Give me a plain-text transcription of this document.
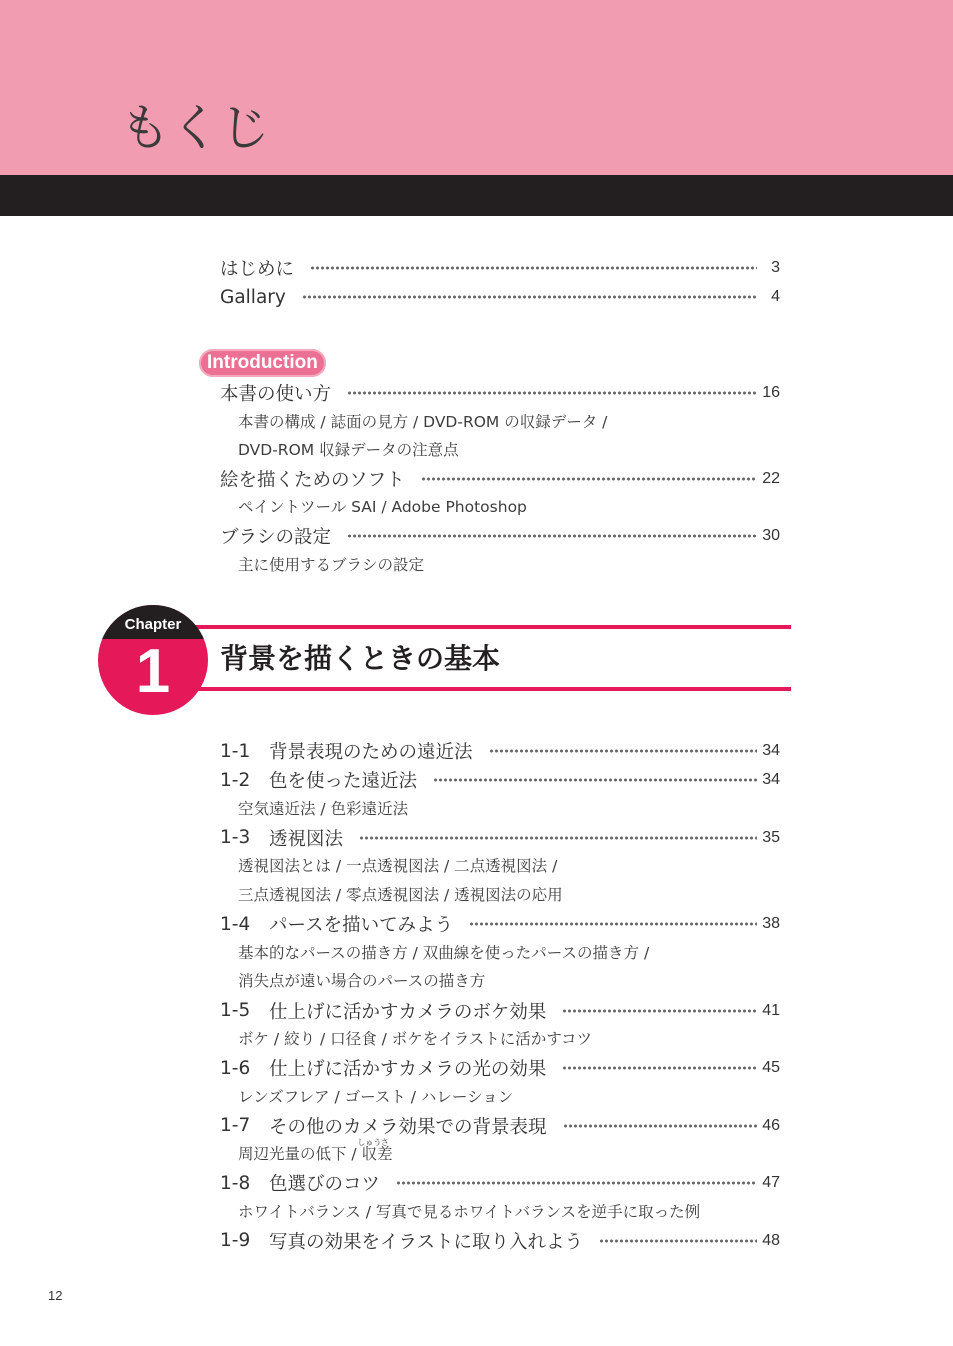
もくじ
はじめに	3
Gallary	4
Introduction
本書の使い方	16
本書の構成 / 誌面の見方 / DVD-ROM の収録データ /
DVD-ROM 収録データの注意点
絵を描くためのソフト	22
ペイントツール SAI / Adobe Photoshop
ブラシの設定	30
主に使用するブラシの設定
Chapter
1	背景を描くときの基本
1-1	背景表現のための遠近法	34
1-2	色を使った遠近法	34
空気遠近法 / 色彩遠近法
1-3	透視図法	35
透視図法とは / 一点透視図法 / 二点透視図法 /
三点透視図法 / 零点透視図法 / 透視図法の応用
1-4	パースを描いてみよう	38
基本的なパースの描き方 / 双曲線を使ったパースの描き方 /
消失点が遠い場合のパースの描き方
1-5	仕上げに活かすカメラのボケ効果	41
ボケ / 絞り / 口径食 / ボケをイラストに活かすコツ
1-6	仕上げに活かすカメラの光の効果	45
レンズフレア / ゴースト / ハレーション
1-7	その他のカメラ効果での背景表現	46
周辺光量の低下 / 収
しゅう
差
さ
1-8	色選びのコツ	47
ホワイトバランス / 写真で見るホワイトバランスを逆手に取った例
1-9	写真の効果をイラストに取り入れよう	48
12
